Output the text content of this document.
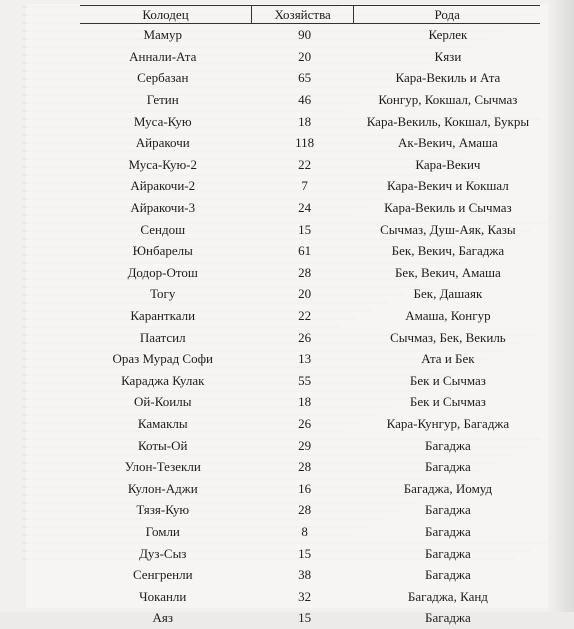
Колодец	Хозяйства	Рода
Мамур	90	Керлек
Аннали-Ата	20	Кязи
Сербазан	65	Кара-Векиль и Ата
Гетин	46	Конгур, Кокшал, Сычмаз
Муса-Кую	18	Кара-Векиль, Кокшал, Букры
Айракочи	118	Ак-Векич, Амаша
Муса-Кую-2	22	Кара-Векич
Айракочи-2	7	Кара-Векич и Кокшал
Айракочи-3	24	Кара-Векиль и Сычмаз
Сендош	15	Сычмаз, Душ-Аяк, Казы
Юнбарелы	61	Бек, Векич, Багаджа
Додор-Отош	28	Бек, Векич, Амаша
Тогу	20	Бек, Дашаяк
Каранткали	22	Амаша, Конгур
Паатсил	26	Сычмаз, Бек, Векиль
Ораз Мурад Софи	13	Ата и Бек
Караджа Кулак	55	Бек и Сычмаз
Ой-Коилы	18	Бек и Сычмаз
Камаклы	26	Кара-Кунгур, Багаджа
Коты-Ой	29	Багаджа
Улон-Тезекли	28	Багаджа
Кулон-Аджи	16	Багаджа, Иомуд
Тязя-Кую	28	Багаджа
Гомли	8	Багаджа
Дуз-Сыз	15	Багаджа
Сенгренли	38	Багаджа
Чоканли	32	Багаджа, Канд
Аяз	15	Багаджа
